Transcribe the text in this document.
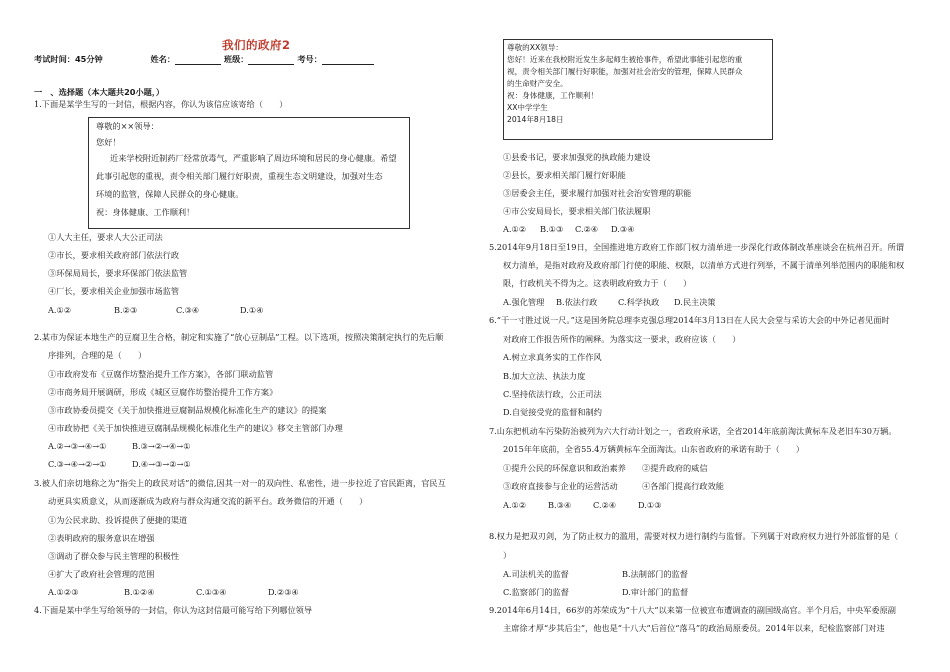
我们的政府2
考试时间：45分钟	姓名：	班级：	考号：
一　、选择题（本大题共20小题，）
1.下面是某学生写的一封信，根据内容，你认为该信应该寄给（　　）
尊敬的××领导：
您好！
近来学校附近制药厂经常放毒气，严重影响了周边环境和居民的身心健康。希望
此事引起您的重视，责令相关部门履行好职责，重视生态文明建设，加强对生态
环境的监管，保障人民群众的身心健康。
祝：身体健康、工作顺利！
①人大主任，要求人大公正司法
②市长，要求相关政府部门依法行政
③环保局局长，要求环保部门依法监管
④厂长，要求相关企业加强市场监管
A.①②	B.②③	C.③④	D.①④
2.某市为保证本地生产的豆腐卫生合格，制定和实施了“放心豆制品”工程。以下选项，按照决策制定执行的先后顺
序排列，合理的是（　　）
①市政府发布《豆腐作坊整治提升工作方案》，各部门联动监管
②市商务局开展调研，形成《城区豆腐作坊整治提升工作方案》
③市政协委员提交《关于加快推进豆腐制品规模化标准化生产的建议》的提案
④市政协把《关于加快推进豆腐制品规模化标准化生产的建议》移交主管部门办理
A.②→③→④→①	B.③→②→④→①
C.③→④→②→①	D.④→③→②→①
3.被人们亲切地称之为“指尖上的政民对话”的微信,因其一对一的双向性、私密性，进一步拉近了官民距离，官民互
动更具实质意义，从而逐渐成为政府与群众沟通交流的新平台。政务微信的开通（　　）
①为公民求助、投诉提供了便捷的渠道
②表明政府的服务意识在增强
③调动了群众参与民主管理的积极性
④扩大了政府社会管理的范围
A.①②③	B.①②④	C.①③④	D.②③④
4.下面是某中学生写给领导的一封信，你认为这封信最可能写给下列哪位领导
尊敬的XX领导：
您好！近来在我校附近发生多起师生被抢事件，希望此事能引起您的重
视，责令相关部门履行好职能，加强对社会治安的管理，保障人民群众
的生命财产安全。
祝：身体健康，工作顺利！
XX中学学生
2014年8月18日
①县委书记，要求加强党的执政能力建设
②县长，要求相关部门履行好职能
③居委会主任，要求履行加强对社会治安管理的职能
④市公安局局长，要求相关部门依法履职
A.①② B.①③ C.②④ D.③④
5.2014年9月18日至19日，全国推进地方政府工作部门权力清单进一步深化行政体制改革座谈会在杭州召开。所谓
权力清单，是指对政府及政府部门行使的职能、权限，以清单方式进行列举，不属于清单列举范围内的职能和权
限，行政机关不得为之。这表明政府致力于（　　）
A.强化管理 B.依法行政	C.科学执政 D.民主决策
6.“干一寸胜过说一尺。”这是国务院总理李克强总理2014年3月13日在人民大会堂与采访大会的中外记者见面时
对政府工作报告所作的阐释。为落实这一要求，政府应该（　　）
A.树立求真务实的工作作风
B.加大立法、执法力度
C.坚持依法行政，公正司法
D.自觉接受党的监督和制约
7.山东把机动车污染防治被列为六大行动计划之一，省政府承诺，全省2014年底前淘汰黄标车及老旧车30万辆。
2015年年底前，全省55.4万辆黄标车全面淘汰。山东省政府的承诺有助于（　　）
①提升公民的环保意识和政治素养 ②提升政府的威信
③政府直接参与企业的运营活动	④各部门提高行政效能
A.①②	B.③④	C.②④	D.①③
8.权力是把双刃剑，为了防止权力的滥用，需要对权力进行制约与监督。下列属于对政府权力进行外部监督的是（
）
A.司法机关的监督	B.法制部门的监督
C.监察部门的监督	D.审计部门的监督
9.2014年6月14日，66岁的苏荣成为“十八大”以来第一位被宣布遭调查的副国级高官。半个月后，中央军委原副
主席徐才厚“步其后尘”，他也是“十八大”后首位“落马”的政治局原委员。2014年以来，纪检监察部门对违
